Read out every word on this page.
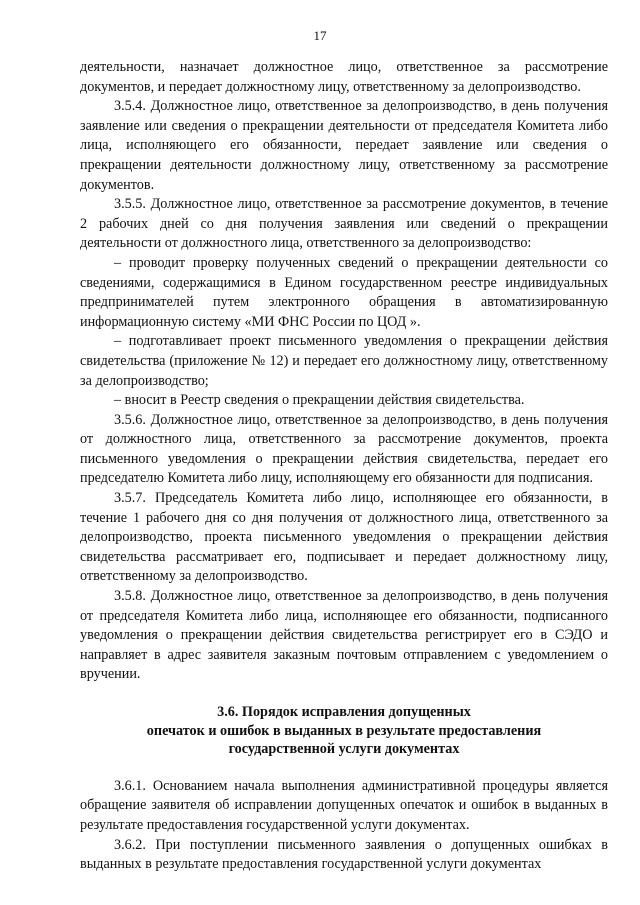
17

деятельности, назначает должностное лицо, ответственное за рассмотрение документов, и передает должностному лицу, ответственному за делопроизводство.

3.5.4. Должностное лицо, ответственное за делопроизводство, в день получения заявление или сведения о прекращении деятельности от председателя Комитета либо лица, исполняющего его обязанности, передает заявление или сведения о прекращении деятельности должностному лицу, ответственному за рассмотрение документов.

3.5.5. Должностное лицо, ответственное за рассмотрение документов, в течение 2 рабочих дней со дня получения заявления или сведений о прекращении деятельности от должностного лица, ответственного за делопроизводство:

– проводит проверку полученных сведений о прекращении деятельности со сведениями, содержащимися в Едином государственном реестре индивидуальных предпринимателей путем электронного обращения в автоматизированную информационную систему «МИ ФНС России по ЦОД ».

– подготавливает проект письменного уведомления о прекращении действия свидетельства (приложение № 12) и передает его должностному лицу, ответственному за делопроизводство;

– вносит в Реестр сведения о прекращении действия свидетельства.

3.5.6. Должностное лицо, ответственное за делопроизводство, в день получения от должностного лица, ответственного за рассмотрение документов, проекта письменного уведомления о прекращении действия свидетельства, передает его председателю Комитета либо лицу, исполняющему его обязанности для подписания.

3.5.7. Председатель Комитета либо лицо, исполняющее его обязанности, в течение 1 рабочего дня со дня получения от должностного лица, ответственного за делопроизводство, проекта письменного уведомления о прекращении действия свидетельства рассматривает его, подписывает и передает должностному лицу, ответственному за делопроизводство.

3.5.8. Должностное лицо, ответственное за делопроизводство, в день получения от председателя Комитета либо лица, исполняющее его обязанности, подписанного уведомления о прекращении действия свидетельства регистрирует его в СЭДО и направляет в адрес заявителя заказным почтовым отправлением с уведомлением о вручении.

3.6. Порядок исправления допущенных
опечаток и ошибок в выданных в результате предоставления
государственной услуги документах

3.6.1. Основанием начала выполнения административной процедуры является обращение заявителя об исправлении допущенных опечаток и ошибок в выданных в результате предоставления государственной услуги документах.

3.6.2. При поступлении письменного заявления о допущенных ошибках в выданных в результате предоставления государственной услуги документах
